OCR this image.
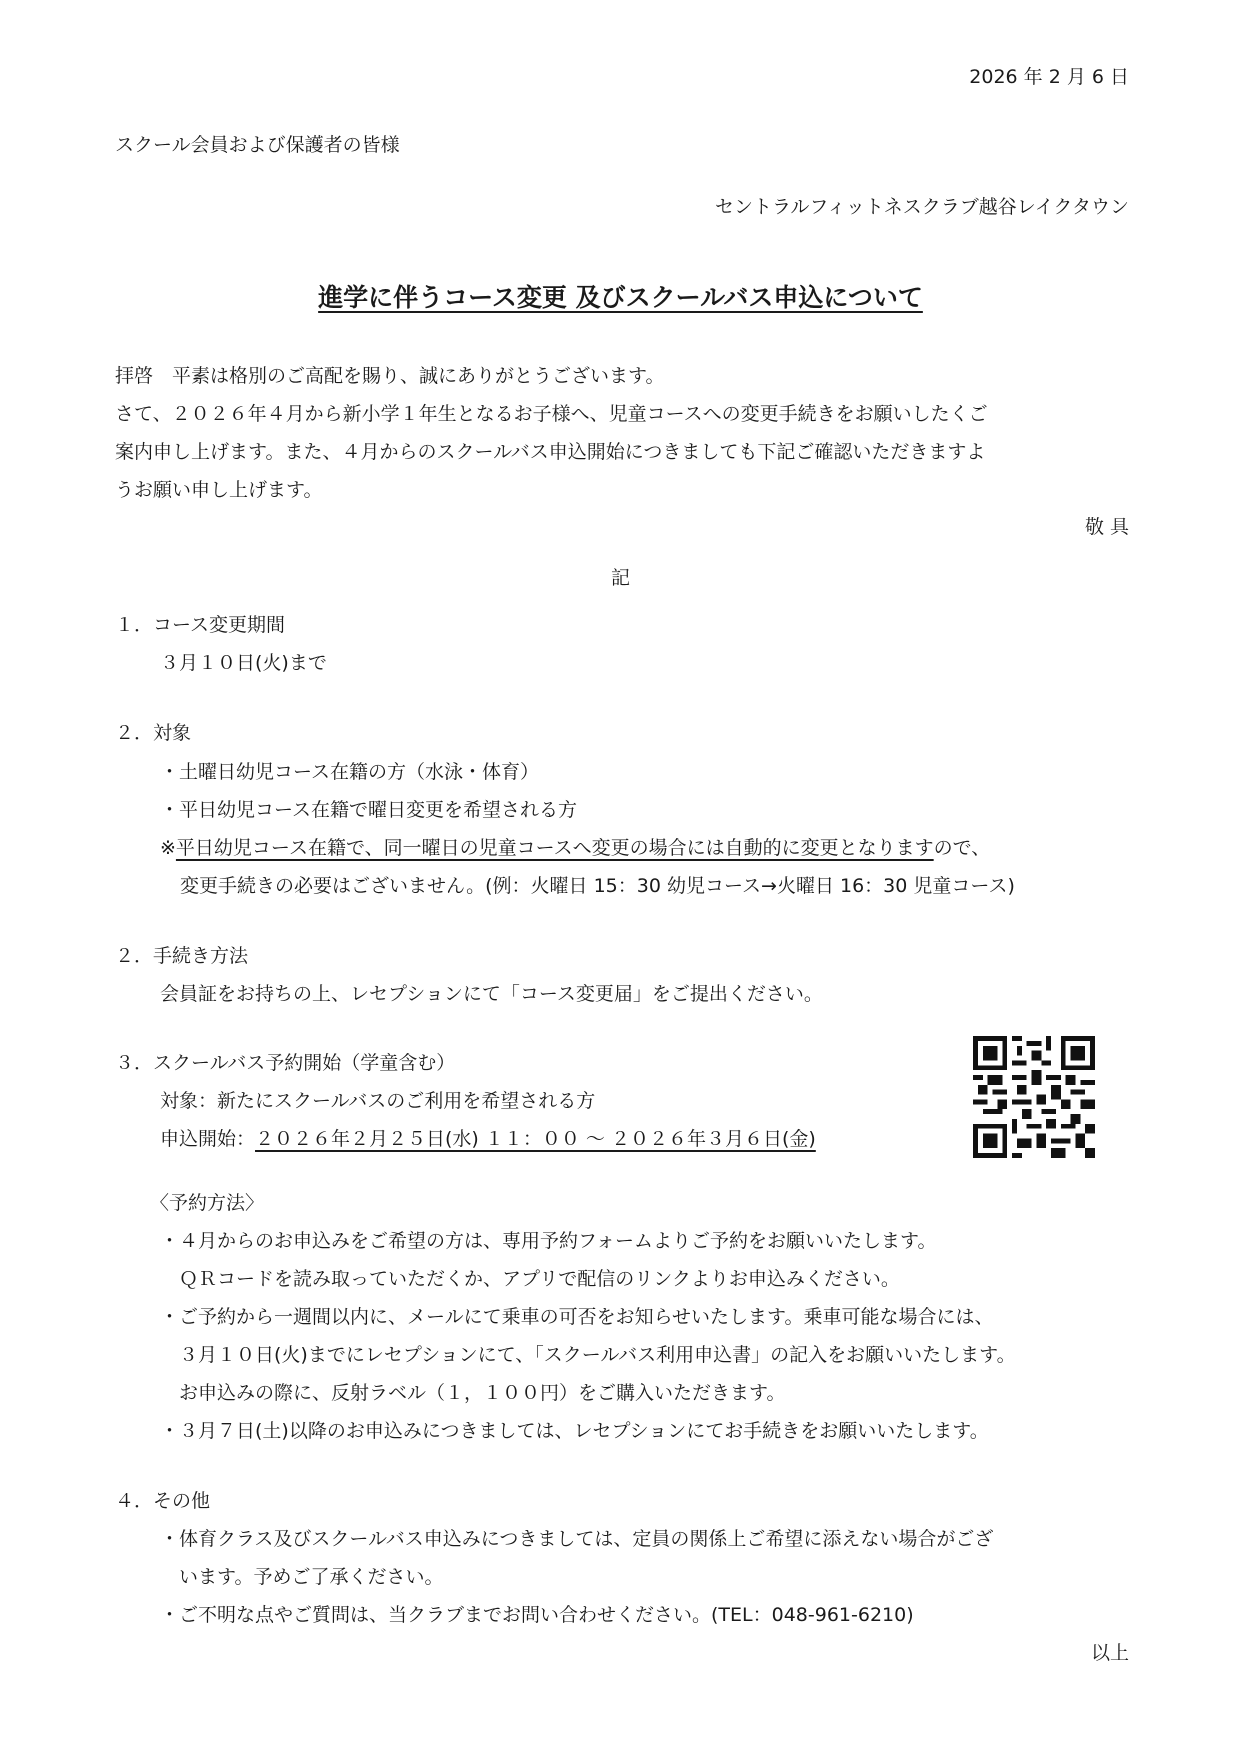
2026 年 2 月 6 日
スクール会員および保護者の皆様
セントラルフィットネスクラブ越谷レイクタウン
進学に伴うコース変更 及びスクールバス申込について
拝啓　平素は格別のご高配を賜り、誠にありがとうございます。
さて、２０２６年４月から新小学１年生となるお子様へ、児童コースへの変更手続きをお願いしたくご
案内申し上げます。また、４月からのスクールバス申込開始につきましても下記ご確認いただきますよ
うお願い申し上げます。
敬 具
記
１．コース変更期間
３月１０日(火)まで
２．対象
・土曜日幼児コース在籍の方（水泳・体育）
・平日幼児コース在籍で曜日変更を希望される方
※平日幼児コース在籍で、同一曜日の児童コースへ変更の場合には自動的に変更となりますので、
変更手続きの必要はございません。(例：火曜日 15：30 幼児コース→火曜日 16：30 児童コース)
２．手続き方法
会員証をお持ちの上、レセプションにて「コース変更届」をご提出ください。
３．スクールバス予約開始（学童含む）
対象：新たにスクールバスのご利用を希望される方
申込開始：２０２６年２月２５日(水) １１：００ ～ ２０２６年３月６日(金)
〈予約方法〉
・４月からのお申込みをご希望の方は、専用予約フォームよりご予約をお願いいたします。
　ＱＲコードを読み取っていただくか、アプリで配信のリンクよりお申込みください。
・ご予約から一週間以内に、メールにて乗車の可否をお知らせいたします。乗車可能な場合には、
　３月１０日(火)までにレセプションにて、「スクールバス利用申込書」の記入をお願いいたします。
　お申込みの際に、反射ラベル（１，１００円）をご購入いただきます。
・３月７日(土)以降のお申込みにつきましては、レセプションにてお手続きをお願いいたします。
４．その他
・体育クラス及びスクールバス申込みにつきましては、定員の関係上ご希望に添えない場合がござ
　います。予めご了承ください。
・ご不明な点やご質問は、当クラブまでお問い合わせください。(TEL：048-961-6210)
以上
